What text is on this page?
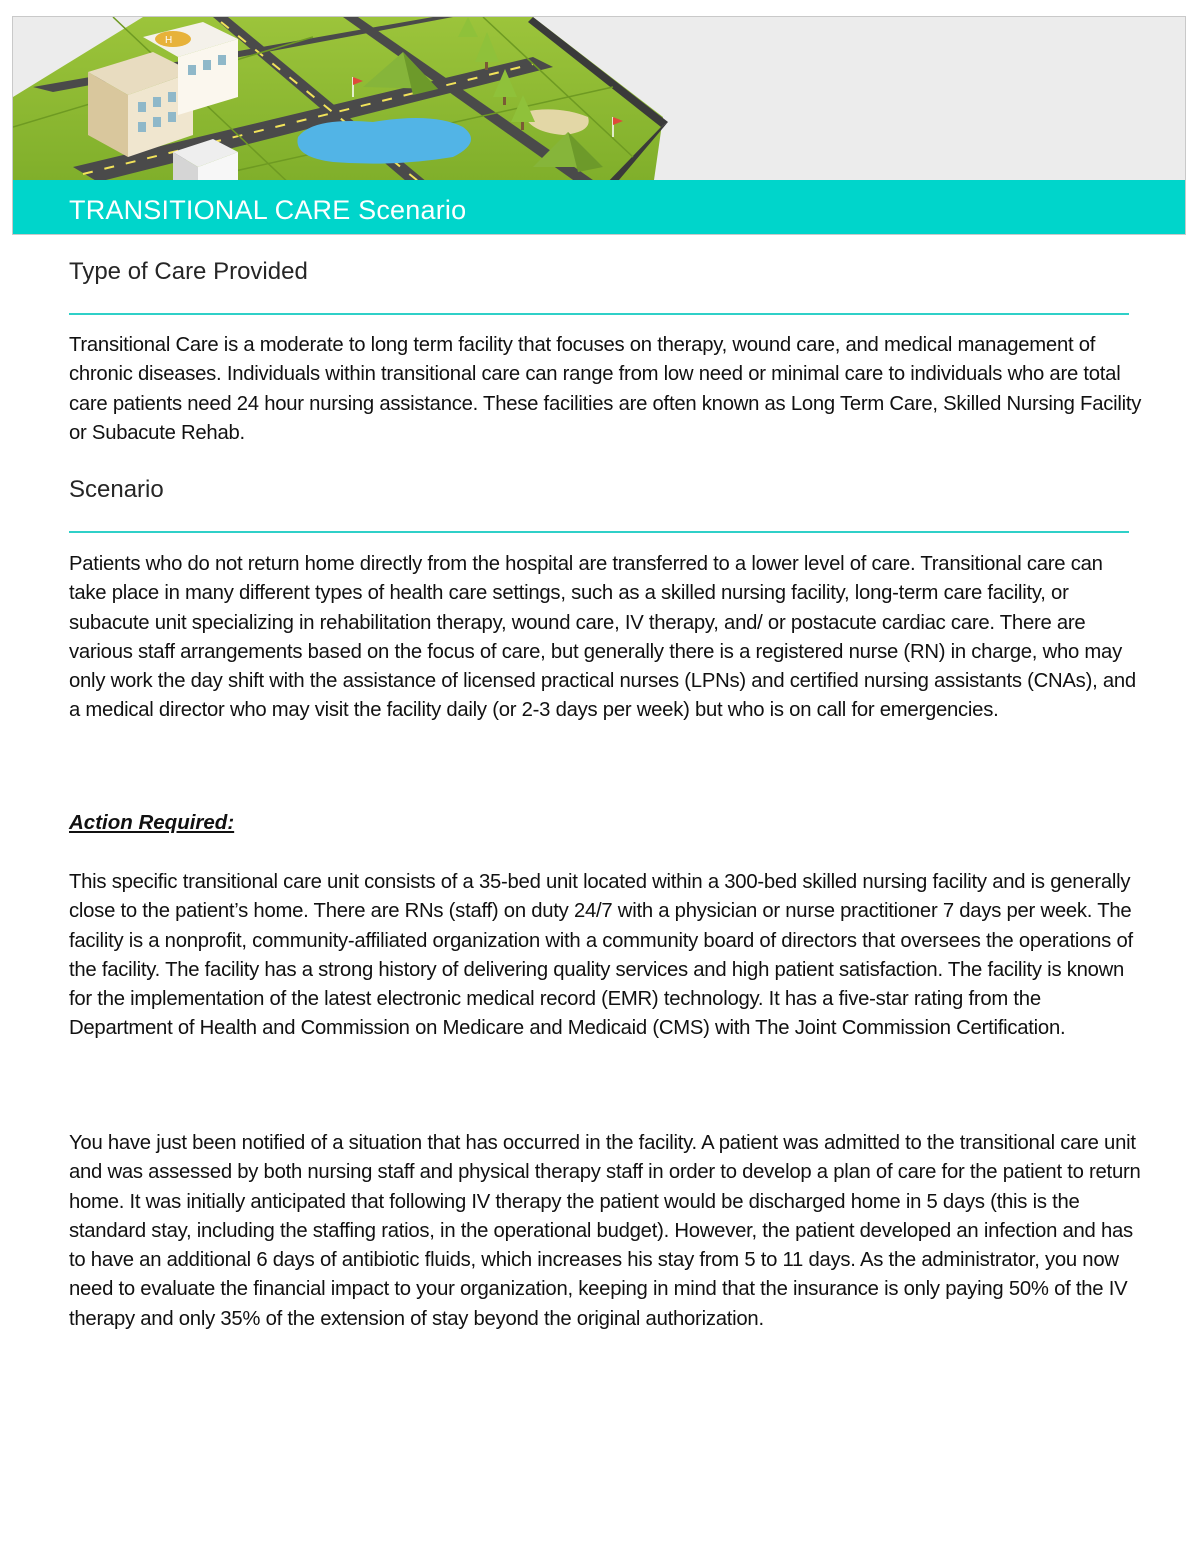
H
TRANSITIONAL CARE Scenario
Type of Care Provided
Transitional Care is a moderate to long term facility that focuses on therapy, wound care, and medical management of chronic diseases. Individuals within transitional care can range from low need or minimal care to individuals who are total care patients need 24 hour nursing assistance. These facilities are often known as Long Term Care, Skilled Nursing Facility or Subacute Rehab.
Scenario
Patients who do not return home directly from the hospital are transferred to a lower level of care. Transitional care can take place in many different types of health care settings, such as a skilled nursing facility, long-term care facility, or subacute unit specializing in rehabilitation therapy, wound care, IV therapy, and/ or postacute cardiac care. There are various staff arrangements based on the focus of care, but generally there is a registered nurse (RN) in charge, who may only work the day shift with the assistance of licensed practical nurses (LPNs) and certified nursing assistants (CNAs), and a medical director who may visit the facility daily (or 2-3 days per week) but who is on call for emergencies.
Action Required:
This specific transitional care unit consists of a 35-bed unit located within a 300-bed skilled nursing facility and is generally close to the patient’s home. There are RNs (staff) on duty 24/7 with a physician or nurse practitioner 7 days per week. The facility is a nonprofit, community-affiliated organization with a community board of directors that oversees the operations of the facility. The facility has a strong history of delivering quality services and high patient satisfaction. The facility is known for the implementation of the latest electronic medical record (EMR) technology. It has a five-star rating from the Department of Health and Commission on Medicare and Medicaid (CMS) with The Joint Commission Certification.
You have just been notified of a situation that has occurred in the facility. A patient was admitted to the transitional care unit and was assessed by both nursing staff and physical therapy staff in order to develop a plan of care for the patient to return home. It was initially anticipated that following IV therapy the patient would be discharged home in 5 days (this is the standard stay, including the staffing ratios, in the operational budget). However, the patient developed an infection and has to have an additional 6 days of antibiotic fluids, which increases his stay from 5 to 11 days. As the administrator, you now need to evaluate the financial impact to your organization, keeping in mind that the insurance is only paying 50% of the IV therapy and only 35% of the extension of stay beyond the original authorization.
